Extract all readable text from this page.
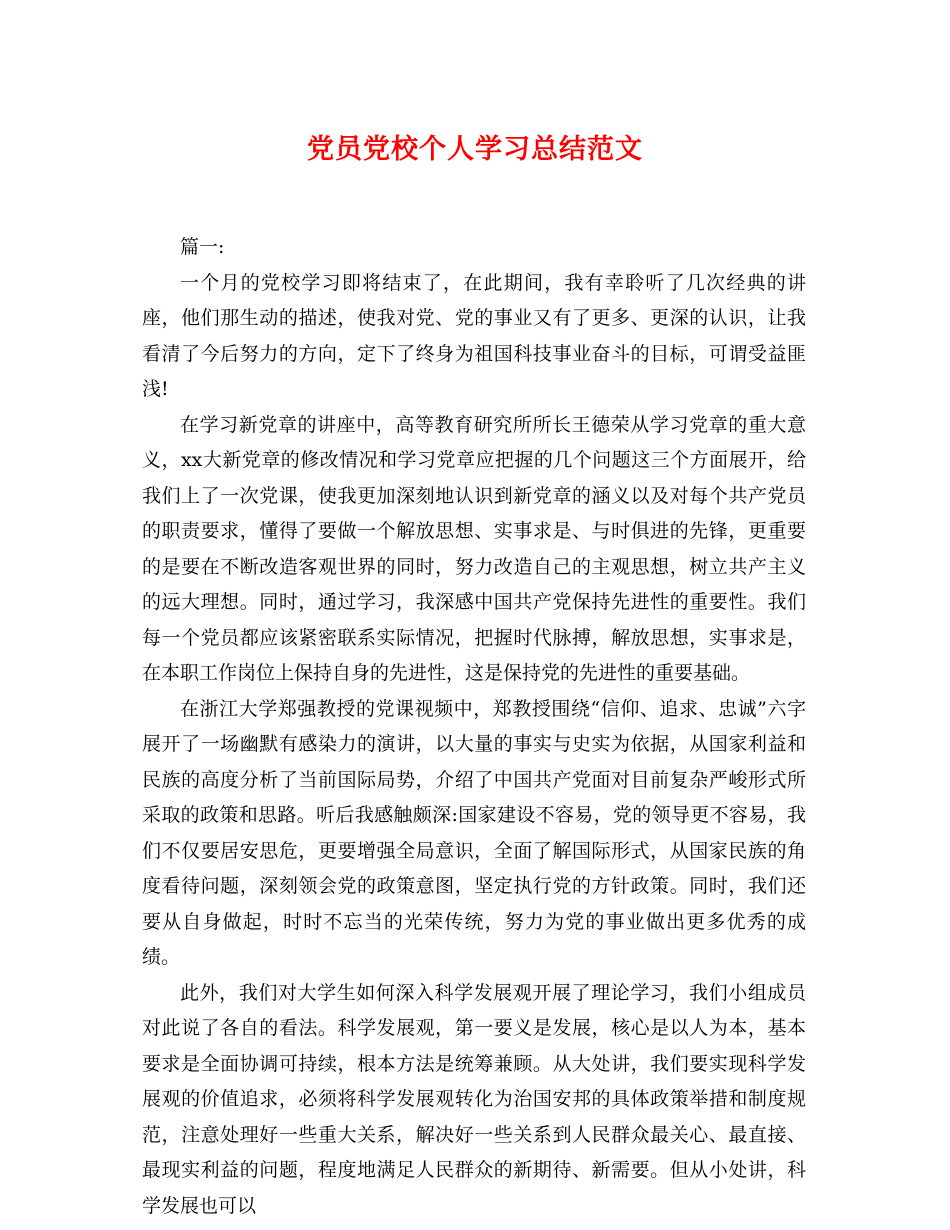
党员党校个人学习总结范文

篇一:

一个月的党校学习即将结束了，在此期间，我有幸聆听了几次经典的讲座，他们那生动的描述，使我对党、党的事业又有了更多、更深的认识，让我看清了今后努力的方向，定下了终身为祖国科技事业奋斗的目标，可谓受益匪浅!

在学习新党章的讲座中，高等教育研究所所长王德荣从学习党章的重大意义，xx大新党章的修改情况和学习党章应把握的几个问题这三个方面展开，给我们上了一次党课，使我更加深刻地认识到新党章的涵义以及对每个共产党员的职责要求，懂得了要做一个解放思想、实事求是、与时俱进的先锋，更重要的是要在不断改造客观世界的同时，努力改造自己的主观思想，树立共产主义的远大理想。同时，通过学习，我深感中国共产党保持先进性的重要性。我们每一个党员都应该紧密联系实际情况，把握时代脉搏，解放思想，实事求是，在本职工作岗位上保持自身的先进性，这是保持党的先进性的重要基础。

在浙江大学郑强教授的党课视频中，郑教授围绕“信仰、追求、忠诚”六字展开了一场幽默有感染力的演讲，以大量的事实与史实为依据，从国家利益和民族的高度分析了当前国际局势，介绍了中国共产党面对目前复杂严峻形式所采取的政策和思路。听后我感触颇深:国家建设不容易，党的领导更不容易，我们不仅要居安思危，更要增强全局意识，全面了解国际形式，从国家民族的角度看待问题，深刻领会党的政策意图，坚定执行党的方针政策。同时，我们还要从自身做起，时时不忘当的光荣传统，努力为党的事业做出更多优秀的成绩。

此外，我们对大学生如何深入科学发展观开展了理论学习，我们小组成员对此说了各自的看法。科学发展观，第一要义是发展，核心是以人为本，基本要求是全面协调可持续，根本方法是统筹兼顾。从大处讲，我们要实现科学发展观的价值追求，必须将科学发展观转化为治国安邦的具体政策举措和制度规范，注意处理好一些重大关系，解决好一些关系到人民群众最关心、最直接、最现实利益的问题，程度地满足人民群众的新期待、新需要。但从小处讲，科学发展也可以
